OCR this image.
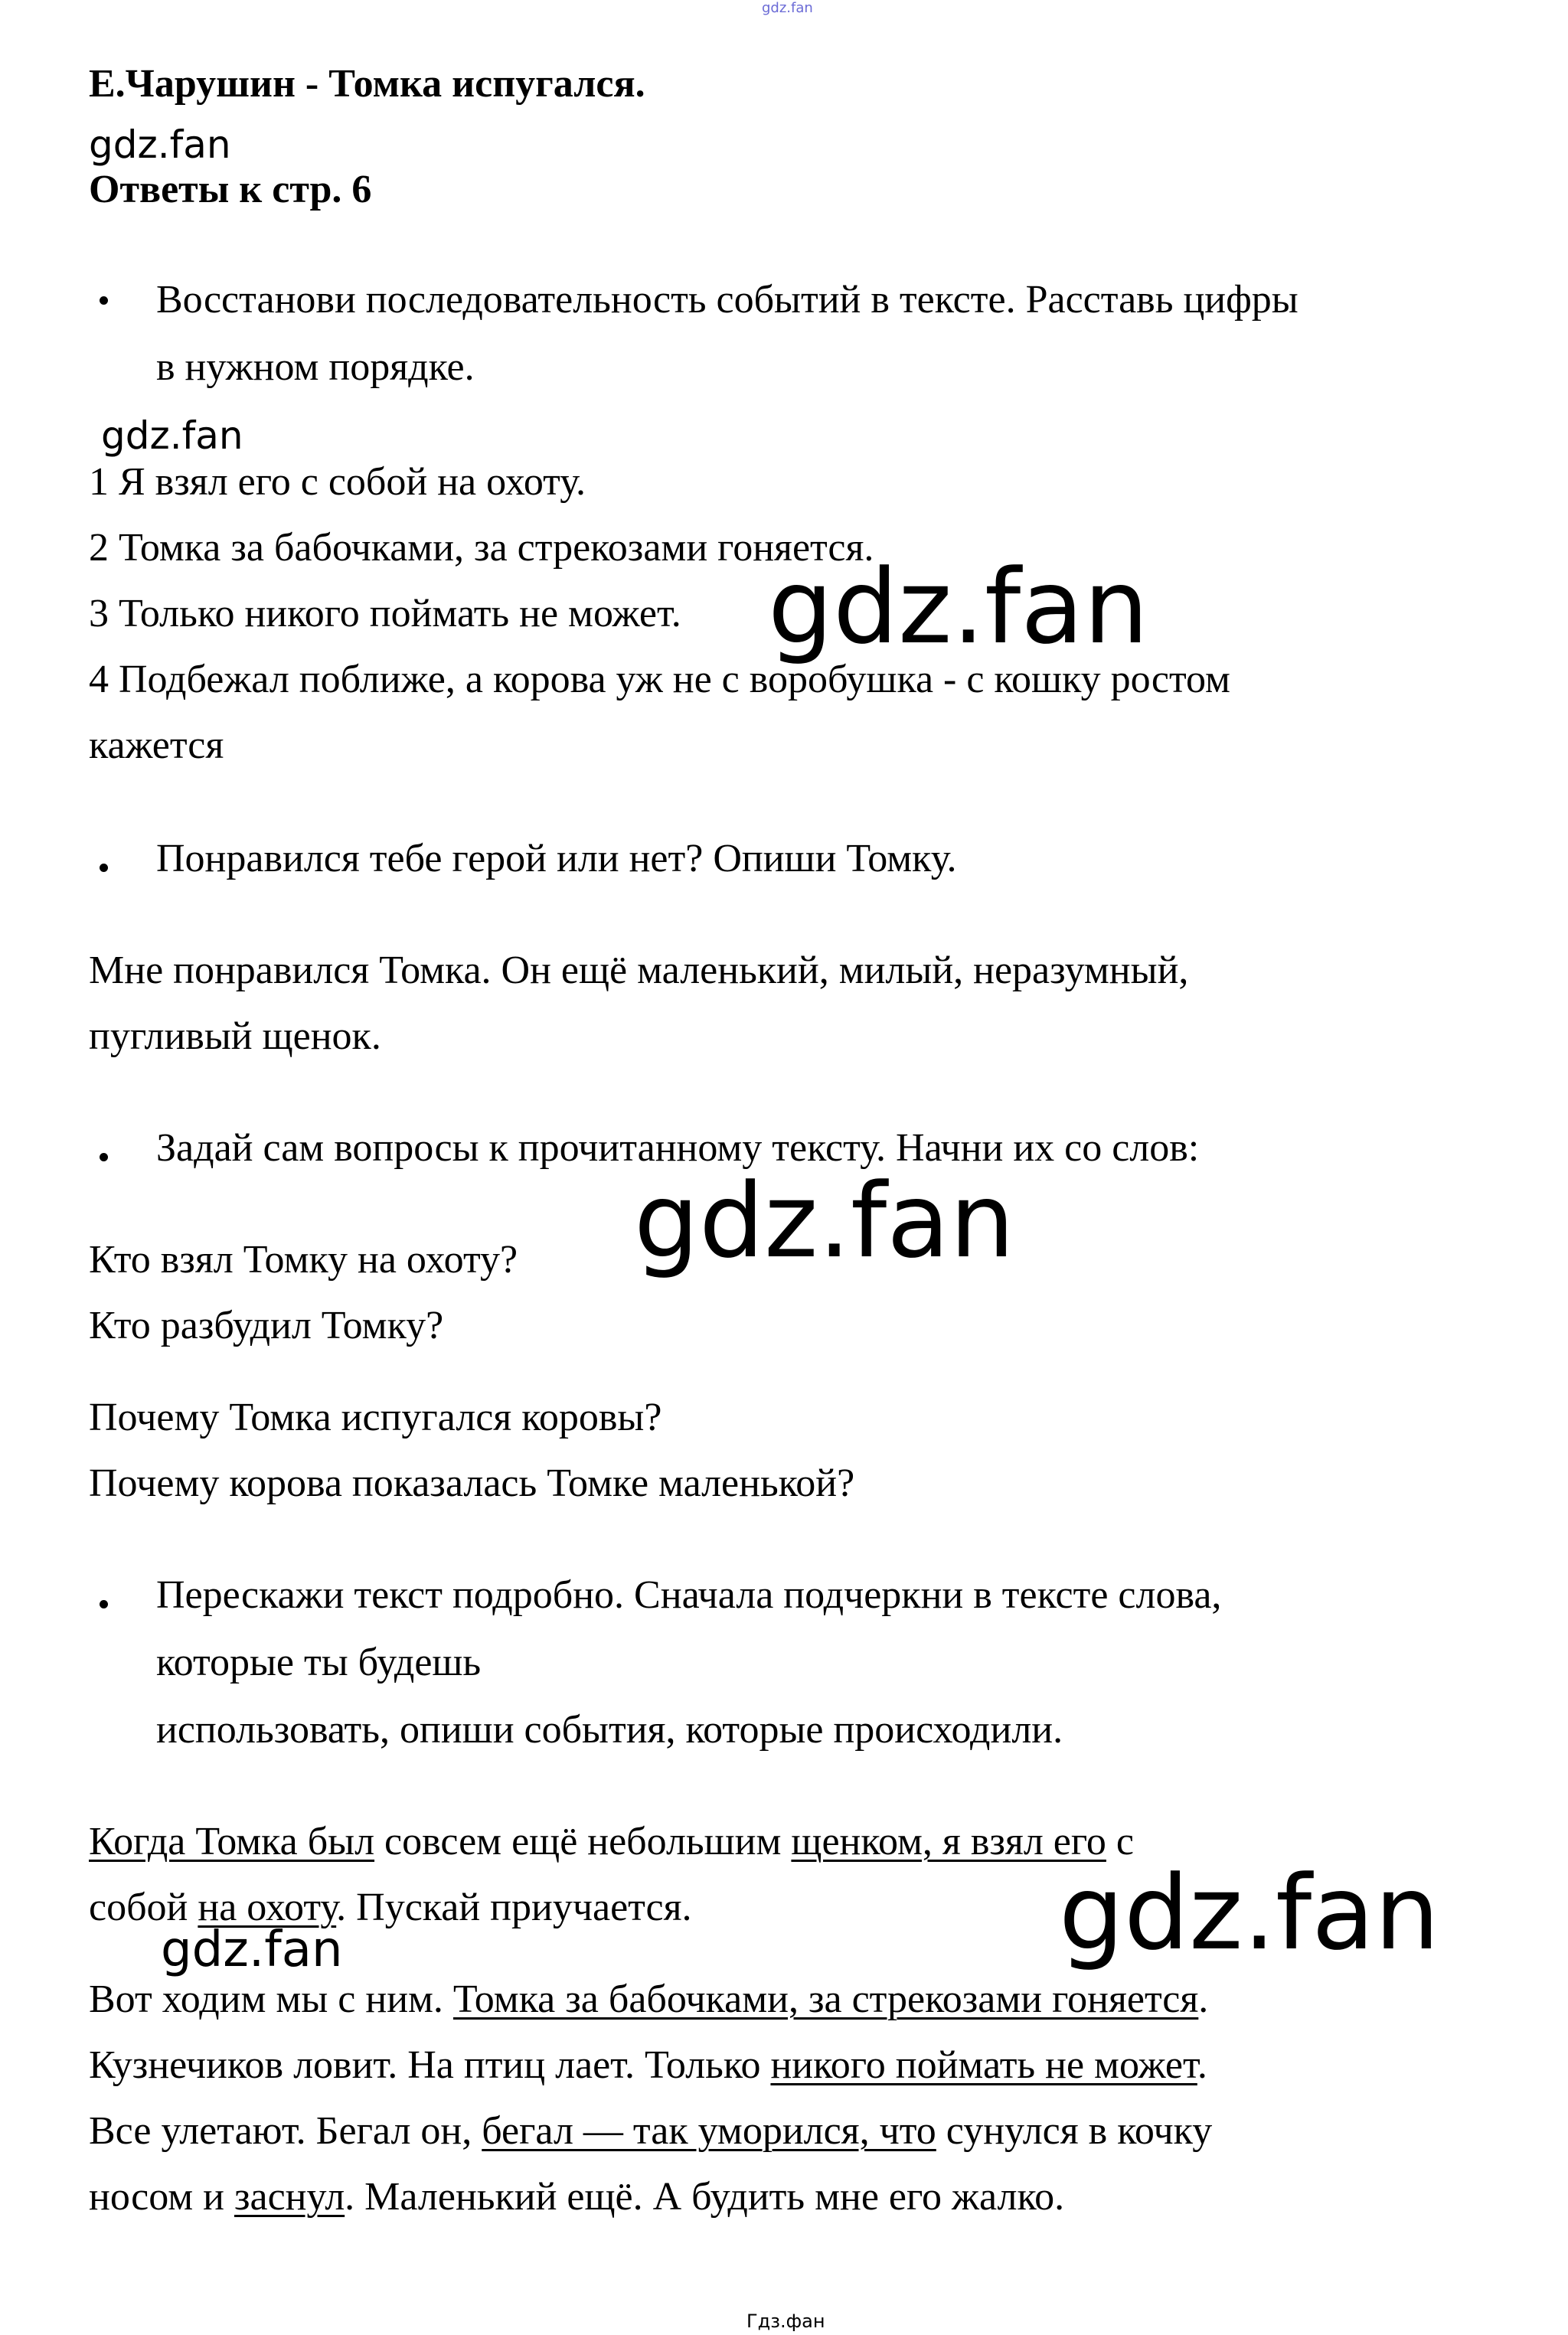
gdz.fan
Е.Чарушин - Томка испугался.
gdz.fan
Ответы к стр. 6
Восстанови последовательность событий в тексте. Расставь цифры
в нужном порядке.
gdz.fan
1 Я взял его с собой на охоту.
2 Томка за бабочками, за стрекозами гоняется.
3 Только никого поймать не может. gdz.fan
4 Подбежал поближе, а корова уж не с воробушка - с кошку ростом
кажется
Понравился тебе герой или нет? Опиши Томку.
Мне понравился Томка. Он ещё маленький, милый, неразумный,
пугливый щенок.
Задай сам вопросы к прочитанному тексту. Начни их со слов:
gdz.fan
Кто взял Томку на охоту?
Кто разбудил Томку?
Почему Томка испугался коровы?
Почему корова показалась Томке маленькой?
Перескажи текст подробно. Сначала подчеркни в тексте слова,
которые ты будешь
использовать, опиши события, которые происходили.
Когда Томка был совсем ещё небольшим щенком, я взял его с
собой на охоту. Пускай приучается.	gdz.fan
gdz.fan
Вот ходим мы с ним. Томка за бабочками, за стрекозами гоняется.
Кузнечиков ловит. На птиц лает. Только никого поймать не может.
Все улетают. Бегал он, бегал — так уморился, что сунулся в кочку
носом и заснул. Маленький ещё. А будить мне его жалко.
Гдз.фан
